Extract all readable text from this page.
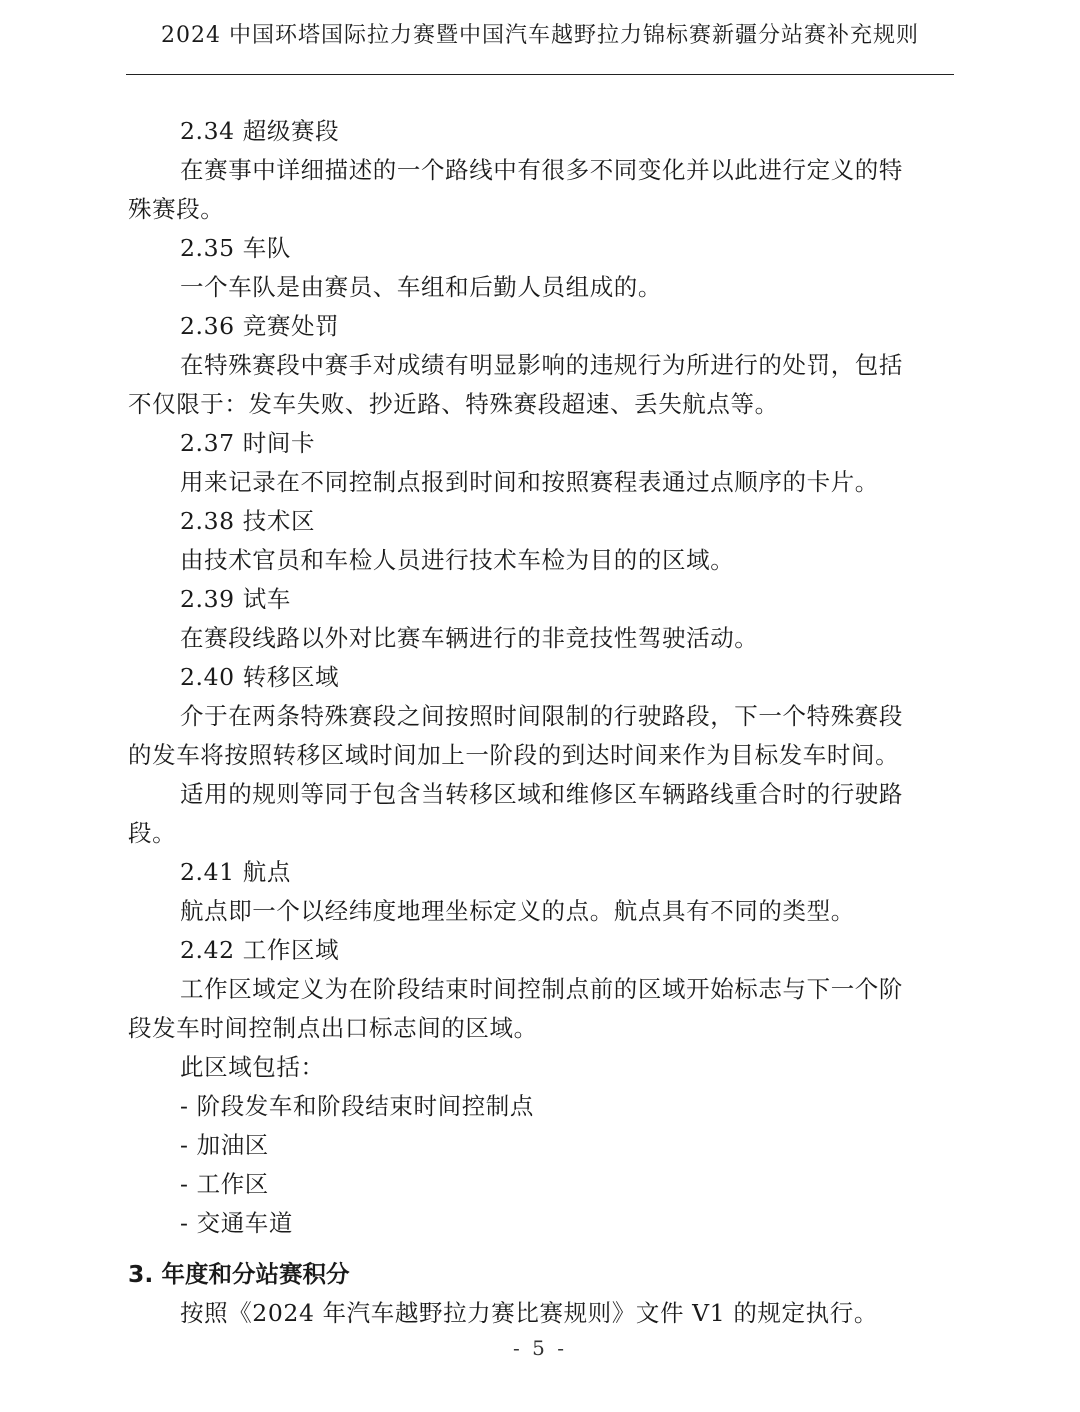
2024 中国环塔国际拉力赛暨中国汽车越野拉力锦标赛新疆分站赛补充规则
2.34 超级赛段
在赛事中详细描述的一个路线中有很多不同变化并以此进行定义的特
殊赛段。
2.35 车队
一个车队是由赛员、车组和后勤人员组成的。
2.36 竞赛处罚
在特殊赛段中赛手对成绩有明显影响的违规行为所进行的处罚，包括
不仅限于：发车失败、抄近路、特殊赛段超速、丢失航点等。
2.37 时间卡
用来记录在不同控制点报到时间和按照赛程表通过点顺序的卡片。
2.38 技术区
由技术官员和车检人员进行技术车检为目的的区域。
2.39 试车
在赛段线路以外对比赛车辆进行的非竞技性驾驶活动。
2.40 转移区域
介于在两条特殊赛段之间按照时间限制的行驶路段，下一个特殊赛段
的发车将按照转移区域时间加上一阶段的到达时间来作为目标发车时间。
适用的规则等同于包含当转移区域和维修区车辆路线重合时的行驶路
段。
2.41 航点
航点即一个以经纬度地理坐标定义的点。航点具有不同的类型。
2.42 工作区域
工作区域定义为在阶段结束时间控制点前的区域开始标志与下一个阶
段发车时间控制点出口标志间的区域。
此区域包括：
- 阶段发车和阶段结束时间控制点
- 加油区
- 工作区
- 交通车道
3. 年度和分站赛积分
按照《2024 年汽车越野拉力赛比赛规则》文件 V1 的规定执行。
- 5 -
